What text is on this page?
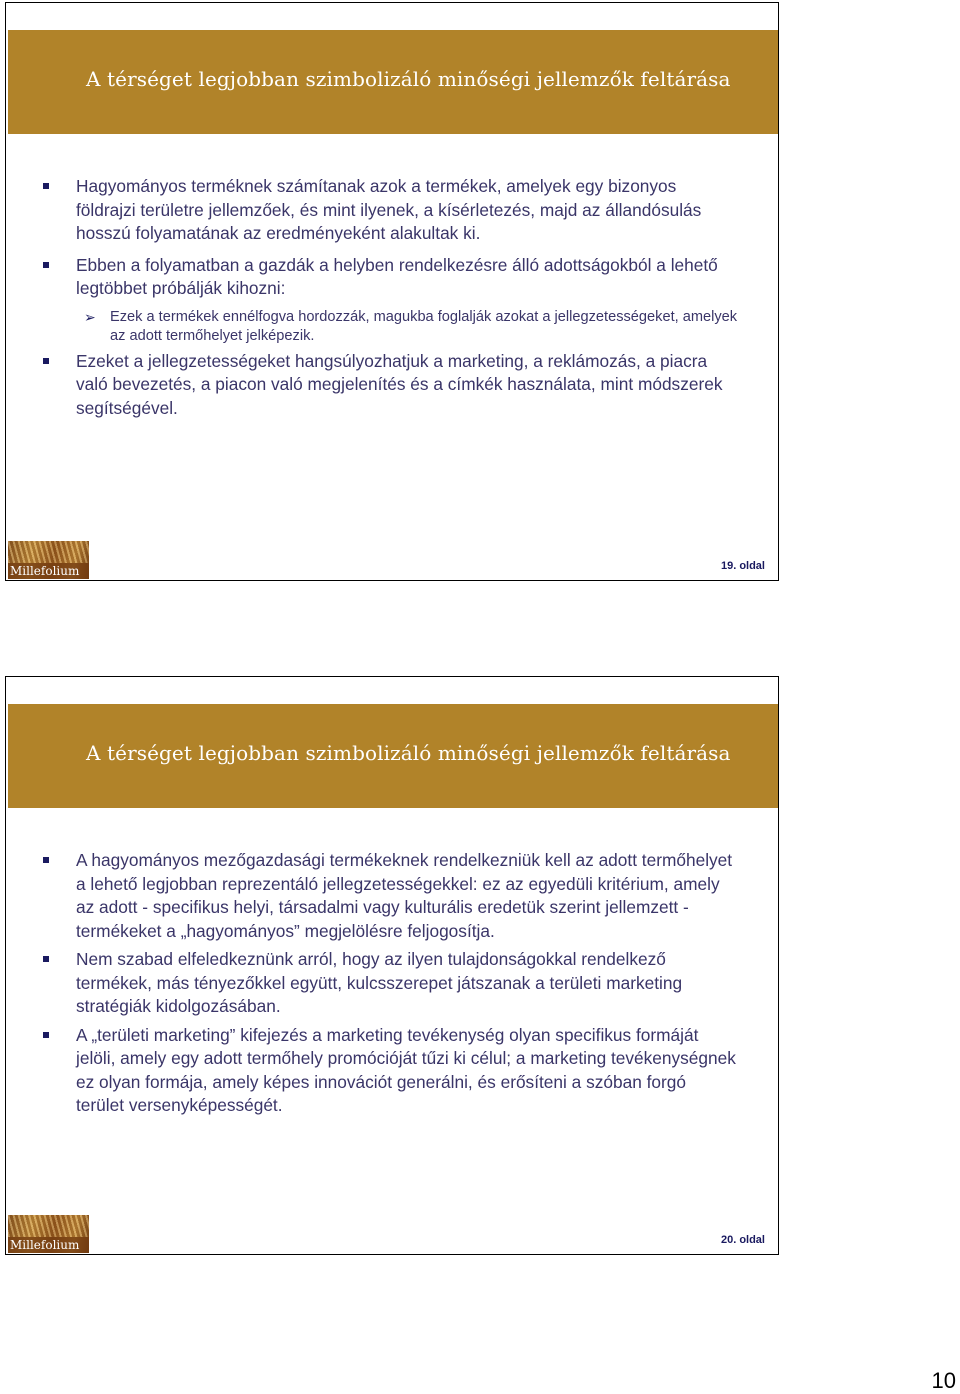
A térséget legjobban szimbolizáló minőségi jellemzők feltárása
Hagyományos terméknek számítanak azok a termékek, amelyek egy bizonyos földrajzi területre jellemzőek, és mint ilyenek, a kísérletezés, majd az állandósulás hosszú folyamatának az eredményeként alakultak ki.
Ebben a folyamatban a gazdák a helyben rendelkezésre álló adottságokból a lehető legtöbbet próbálják kihozni:
➢ Ezek a termékek ennélfogva hordozzák, magukba foglalják azokat a jellegzetességeket, amelyek az adott termőhelyet jelképezik.
Ezeket a jellegzetességeket hangsúlyozhatjuk a marketing, a reklámozás, a piacra való bevezetés, a piacon való megjelenítés és a címkék használata, mint módszerek segítségével.
Millefolium	19. oldal
A térséget legjobban szimbolizáló minőségi jellemzők feltárása
A hagyományos mezőgazdasági termékeknek rendelkezniük kell az adott termőhelyet a lehető legjobban reprezentáló jellegzetességekkel: ez az egyedüli kritérium, amely az adott - specifikus helyi, társadalmi vagy kulturális eredetük szerint jellemzett - termékeket a „hagyományos” megjelölésre feljogosítja.
Nem szabad elfeledkeznünk arról, hogy az ilyen tulajdonságokkal rendelkező termékek, más tényezőkkel együtt, kulcsszerepet játszanak a területi marketing stratégiák kidolgozásában.
A „területi marketing” kifejezés a marketing tevékenység olyan specifikus formáját jelöli, amely egy adott termőhely promócióját tűzi ki célul; a marketing tevékenységnek ez olyan formája, amely képes innovációt generálni, és erősíteni a szóban forgó terület versenyképességét.
Millefolium	20. oldal
10
